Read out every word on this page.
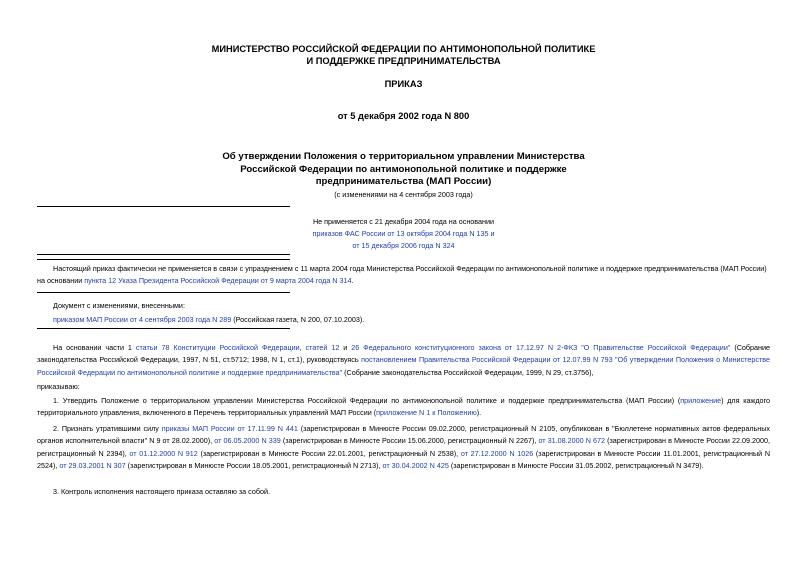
МИНИСТЕРСТВО РОССИЙСКОЙ ФЕДЕРАЦИИ ПО АНТИМОНОПОЛЬНОЙ ПОЛИТИКЕ
И ПОДДЕРЖКЕ ПРЕДПРИНИМАТЕЛЬСТВА
ПРИКАЗ
от 5 декабря 2002 года N 800
Об утверждении Положения о территориальном управлении Министерства
Российской Федерации по антимонопольной политике и поддержке
предпринимательства (МАП России)
(с изменениями на 4 сентября 2003 года)
Не применяется с 21 декабря 2004 года на основании
приказов ФАС России от 13 октября 2004 года N 135 и
от 15 декабря 2006 года N 324
Настоящий приказ фактически не применяется в связи с упразднением с 11 марта 2004 года Министерства Российской Федерации по антимонопольной политике и поддержке предпринимательства (МАП России)
на основании пункта 12 Указа Президента Российской Федерации от 9 марта 2004 года N 314.
Документ с изменениями, внесенными:
приказом МАП России от 4 сентября 2003 года N 289 (Российская газета, N 200, 07.10.2003).
На основании части 1 статьи 78 Конституции Российской Федерации, статей 12 и 26 Федерального конституционного закона от 17.12.97 N 2-ФКЗ "О Правительстве Российской Федерации" (Собрание законодательства Российской Федерации, 1997, N 51, ст.5712; 1998, N 1, ст.1), руководствуясь постановлением Правительства Российской Федерации от 12.07.99 N 793 "Об утверждении Положения о Министерстве Российской Федерации по антимонопольной политике и поддержке предпринимательства" (Собрание законодательства Российской Федерации, 1999, N 29, ст.3756),
приказываю:
1. Утвердить Положение о территориальном управлении Министерства Российской Федерации по антимонопольной политике и поддержке предпринимательства (МАП России) (приложение) для каждого территориального управления, включенного в Перечень территориальных управлений МАП России (приложение N 1 к Положению).
2. Признать утратившими силу приказы МАП России от 17.11.99 N 441 (зарегистрирован в Минюсте России 09.02.2000, регистрационный N 2105, опубликован в "Бюллетене нормативных актов федеральных органов исполнительной власти" N 9 от 28.02.2000), от 06.05.2000 N 339 (зарегистрирован в Минюсте России 15.06.2000, регистрационный N 2267), от 31.08.2000 N 672 (зарегистрирован в Минюсте России 22.09.2000, регистрационный N 2394), от 01.12.2000 N 912 (зарегистрирован в Минюсте России 22.01.2001, регистрационный N 2538), от 27.12.2000 N 1026 (зарегистрирован в Минюсте России 11.01.2001, регистрационный N 2524), от 29.03.2001 N 307 (зарегистрирован в Минюсте России 18.05.2001, регистрационный N 2713), от 30.04.2002 N 425 (зарегистрирован в Минюсте России 31.05.2002, регистрационный N 3479).
3. Контроль исполнения настоящего приказа оставляю за собой.
